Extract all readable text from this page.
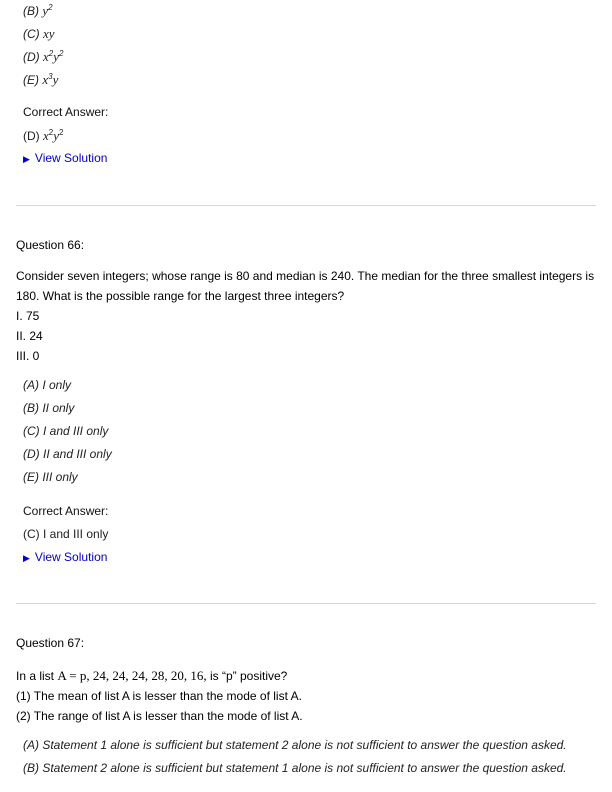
(B) $y^2$
(C) xy
(D) $x^2y^2$
(E) $x^3y$
Correct Answer:
(D) $x^2y^2$
▶ View Solution
Question 66:
Consider seven integers; whose range is 80 and median is 240. The median for the three smallest integers is
180. What is the possible range for the largest three integers?
I. 75
II. 24
III. 0
(A) I only
(B) II only
(C) I and III only
(D) II and III only
(E) III only
Correct Answer:
(C) I and III only
▶ View Solution
Question 67:
In a list A = p, 24, 24, 24, 28, 20, 16, is “p” positive?
(1) The mean of list A is lesser than the mode of list A.
(2) The range of list A is lesser than the mode of list A.
(A) Statement 1 alone is sufficient but statement 2 alone is not sufficient to answer the question asked.
(B) Statement 2 alone is sufficient but statement 1 alone is not sufficient to answer the question asked.
